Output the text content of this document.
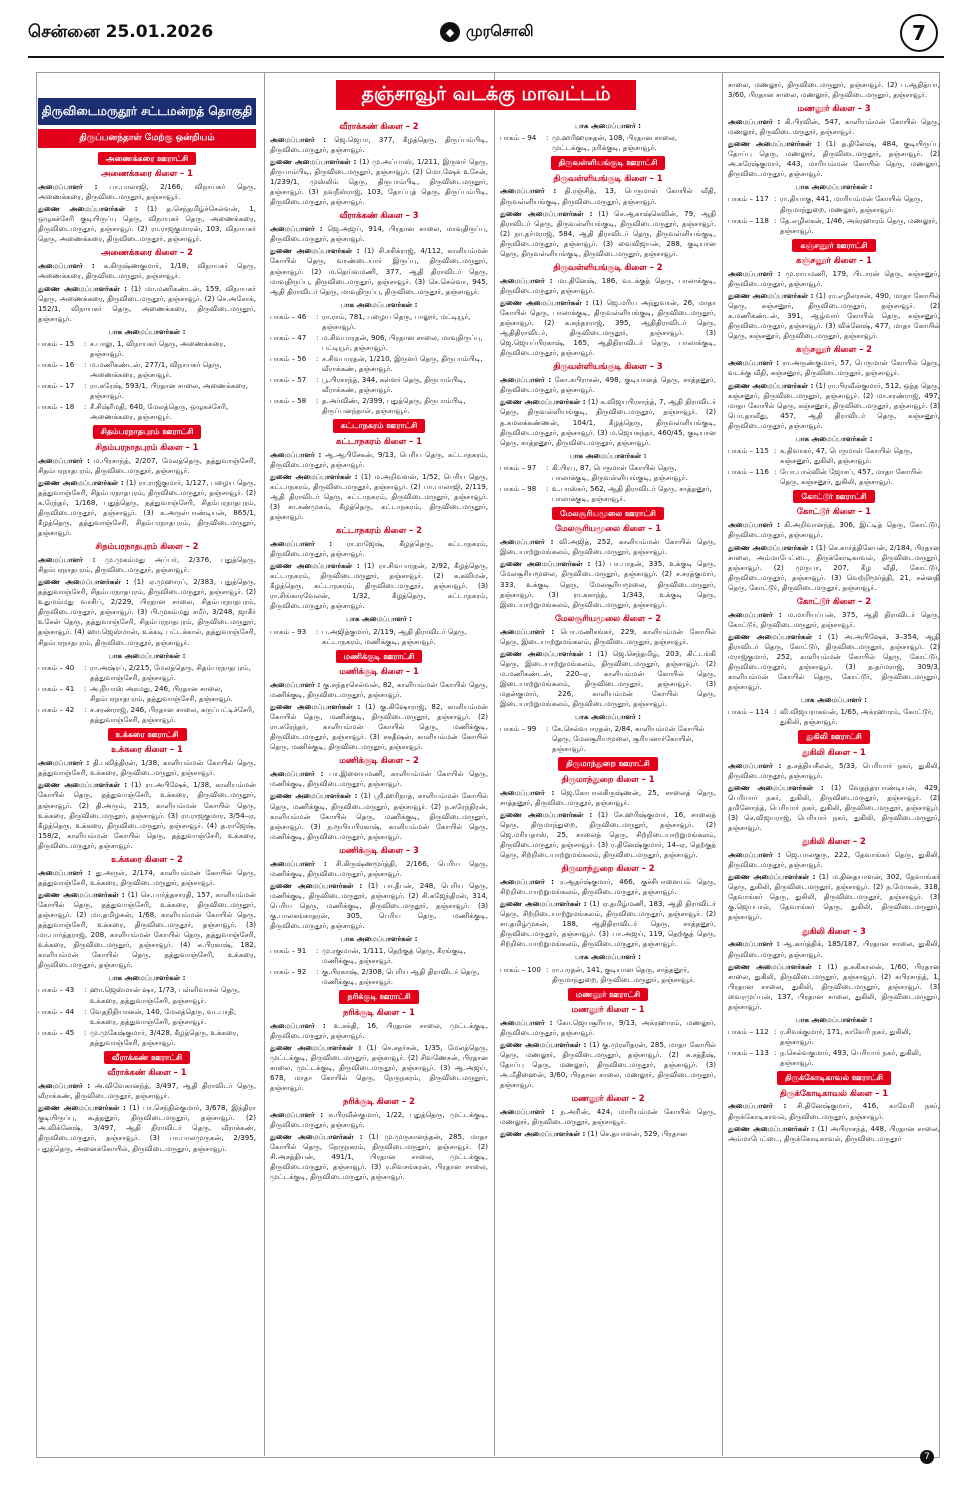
சென்னை 25.01.2026	◆ முரசொலி	7
தஞ்சாவூர் வடக்கு மாவட்டம்
திருவிடைமருதூர் சட்டமன்றத் தொகுதி
திருப்பனந்தாள் மேற்கு ஒன்றியம்
அணைக்கரை ஊராட்சி
அணைக்கரை கிளை – 1
அமைப்பாளர் : பா.பாலாஜி, 2/166, விநாயகர் தெரு, அணைக்கரை, திருவிடைமருதூர், தஞ்சாவூர்.
துணை அமைப்பாளர்கள் : (1) த.செந்தமிழ்ச்செல்வன், 1, ஒழுகச்சேரி குடியிருப்பு தெரு, விநாயகர் தெரு, அணைக்கரை, திருவிடைமருதூர், தஞ்சாவூர். (2) ரா.ராஜகுமாரன், 103, விநாயகர் தெரு, அணைக்கரை, திருவிடைமருதூர், தஞ்சாவூர்.
அணைக்கரை கிளை – 2
அமைப்பாளர் : க.கிருஷ்ணகுமார், 1/18, விநாயகர் தெரு, அணைக்கரை, திருவிடைமருதூர், தஞ்சாவூர்.
துணை அமைப்பாளர்கள் : (1) மா.மணிகண்டன், 159, விநாயகர் தெரு, அணைக்கரை, திருவிடைமருதூர், தஞ்சாவூர். (2) செ.அசோக், 152/1, விநாயகர் தெரு, அணைக்கரை, திருவிடைமருதூர், தஞ்சாவூர்.
பாக அமைப்பாளர்கள் :
பாகம் – 15	: ச.பாலு, 1, விநாயகர் தெரு, அணைக்கரை, தஞ்சாவூர்.
பாகம் – 16	: ம.மணிகண்டன், 277/1, விநாயகர் தெரு, அணைக்கரை, தஞ்சாவூர்.
பாகம் – 17	: ரா.சுரேஷ், 593/1, பிரதான சாலை, அணைக்கரை, தஞ்சாவூர்.
பாகம் – 18	: சீ.சிஷ்ரீமதி, 640, மேலத்தெரு, ஒழுகச்சேரி, அணைக்கரை, தஞ்சாவூர்.
சிதம்பரநாதபுரம் ஊராட்சி
சிதம்பரநாதபுரம் கிளை – 1
அமைப்பாளர் : ம.பிரசாந்த், 2/207, மேலத்தெரு, தத்துவாஞ்சேரி, சிதம்பரநாதபுரம், திருவிடைமருதூர், தஞ்சாவூர்.
துணை அமைப்பாளர்கள் : (1) ரா.ராஜ்குமார், 1/127, பழைய தெரு, தத்துவாஞ்சேரி, சிதம்பரநாதபுரம், திருவிடைமருதூர், தஞ்சாவூர். (2) க.ரேந்தர், 1/168, புதுத்தெரு, தத்துவாஞ்சேரி, சிதம்பரநாதபுரம், திருவிடைமருதூர், தஞ்சாவூர். (3) க.அருள்பாண்டியன், 865/1, கீழத்தெரு, தத்துவாஞ்சேரி, சிதம்பரநாதபுரம், திருவிடைமருதூர், தஞ்சாவூர்.
சிதம்பரநாதபுரம் கிளை – 2
அமைப்பாளர் : மு.முகம்மது அப்பர், 2/376, புதுத்தெரு, சிதம்பரநாதபுரம், திருவிடைமருதூர், தஞ்சாவூர்.
துணை அமைப்பாளர்கள் : (1) ஏ.முஹாரப், 2/383, புதுத்தெரு, தத்துவாஞ்சேரி, சிதம்பரநாதபுரம், திருவிடைமருதூர், தஞ்சாவூர். (2) உதுமம்மது வாசிப், 2/229, பிரதான சாலை, சிதம்பரநாதபுரம், திருவிடைமருதூர், தஞ்சாவூர். (3) பி.முகம்மது சமீர், 3/248, ஜாகீர் உசேன் தெரு, தத்துவாஞ்சேரி, சிதம்பரநாதபுரம், திருவிடைமருதூர், தஞ்சாவூர். (4) ஹா.ஜெஸ்மான், உக்கடி பட்டக்கால், தத்துவாஞ்சேரி, சிதம்பரநாதபுரம், திருவிடைமருதூர், தஞ்சாவூர்.
பாக அமைப்பாளர்கள் :
பாகம் – 40	: ரா.அஷ்ரப், 2/215, மேலத்தெரு, சிதம்பரநாதபுரம், தத்துவாஞ்சேரி, தஞ்சாவூர்.
பாகம் – 41	: அ.நியாஸ் அகமது, 246, பிரதான சாலை, சிதம்பரநாதபுரம், தத்துவாஞ்சேரி, தஞ்சாவூர்.
பாகம் – 42	: ச.சரண்ராஜ், 246, பிரதான சாலை, கருப்பட்டிச்சேரி, தத்துவாஞ்சேரி, தஞ்சாவூர்.
உக்கரை ஊராட்சி
உக்கரை கிளை – 1
அமைப்பாளர் : தி.பவித்திரன், 1/38, காளியம்மன் கோயில் தெரு, தத்துவாஞ்சேரி, உக்கரை, திருவிடைமருதூர், தஞ்சாவூர்.
துணை அமைப்பாளர்கள் : (1) ரா.அபிஷேக், 1/38, காளியம்மன் கோயில் தெரு, தத்துவாஞ்சேரி, உக்கரை, திருவிடைமருதூர், தஞ்சாவூர். (2) தி.அரும், 215, காளியம்மன் கோயில் தெரு, உக்கரை, திருவிடைமருதூர், தஞ்சாவூர். (3) ரா.ராஜகுமார, 3/54–ஏ, கீழத்தெரு, உக்கரை, திருவிடைமருதூர், தஞ்சாவூர். (4) த.ராஜேஷ், 158/2, காளியம்மன் கோயில் தெரு, தத்துவாஞ்சேரி, உக்கரை, திருவிடைமருதூர், தஞ்சாவூர்.
உக்கரை கிளை – 2
அமைப்பாளர் : து.அருள், 2/174, காளியம்மன் கோயில் தெரு, தத்துவாஞ்சேரி, உக்கரை, திருவிடைமருதூர், தஞ்சாவூர்.
துணை அமைப்பாளர்கள் : (1) செ.பார்த்தசாரதி, 157, காளியம்மன் கோயில் தெரு, தத்துவாஞ்சேரி, உக்கரை, திருவிடைமருதூர், தஞ்சாவூர். (2) மா.தமிழகன், 1/68, காளியம்மன் கோயில் தெரு, தத்துவாஞ்சேரி, உக்கரை, திருவிடைமருதூர், தஞ்சாவூர். (3) மா.பார்த்தராஜ், 208, காளியம்மன் கோயில் தெரு, தத்துவாஞ்சேரி, உக்கரை, திருவிடைமருதூர், தஞ்சாவூர். (4) சு.பிரகாஷ், 182, காளியம்மன் கோயில் தெரு, தத்துவாஞ்சேரி, உக்கரை, திருவிடைமருதூர், தஞ்சாவூர்.
பாக அமைப்பாளர்கள் :
பாகம் – 43	: ஹா.ஜெஸ்மான் ஷா, 1/73, பள்ளிவாசல் தெரு, உக்கரை, தத்துவாஞ்சேரி, தஞ்சாவூர்.
பாகம் – 44	: வேதநிதியானன், 140, மேலத்தெரு, வடபாதி, உக்கரை, தத்துவாஞ்சேரி, தஞ்சாவூர்.
பாகம் – 45	: மு.முகேஷ்குமார், 3/428, கீழத்தெரு, உக்கரை, தத்துவாஞ்சேரி, தஞ்சாவூர்.
வீராக்கண் ஊராட்சி
வீராக்கண் கிளை – 1
அமைப்பாளர் : அ.விவேகானந்த், 3/497, ஆதி திராவிடர் தெரு, வீராக்கண், திருவிடைமருதூர், தஞ்சாவூர்.
துணை அமைப்பாளர்கள் : (1) பா.செந்தில்குமார், 3/678, இந்திரா குடியிருப்பு, கூத்தனூர், திருவிடைமருதூர், தஞ்சாவூர். (2) அ.விக்னேஷ், 3/497, ஆதி திராவிடர் தெரு, வீராக்கண், திருவிடைமருதூர், தஞ்சாவூர். (3) பா.பாலமுருகன், 2/395, புதுத்தெரு, அனைக்கோயில், திருவிடைமருதூர், தஞ்சாவூர்.
வீராக்கண் கிளை – 2
அமைப்பாளர் : ஜெ.ஜெபா, 377, கீழத்தெரு, திருப்பம்பிடி, திருவிடைமருதூர், தஞ்சாவூர்.
துணை அமைப்பாளர்கள் : (1) மு.அப்பாஸ், 1/211, இருளர் தெரு, திருபாம்பிடி, திருவிடைமருதூர், தஞ்சாவூர். (2) மொ.ஷேக் உசேன், 1/239/1, முஸ்லிம் தெரு, திருபாம்பிடி, திருவிடைமருதூர், தஞ்சாவூர். (3) நவநீஸ்ராஜ், 103, தோப்புத் தெரு, திருப்பம்பிடி, திருவிடைமருதூர், தஞ்சாவூர்.
வீராக்கண் கிளை – 3
அமைப்பாளர் : ஜெ.அஜய், 914, பிரதான சாலை, மாவுதிருப்பு, திருவிடைமருதூர், தஞ்சாவூர்.
துணை அமைப்பாளர்கள் : (1) சி.சசிக்ராஜ், 4/112, காளியம்மன் கோயில் தெரு, வாண்டையார் இருப்பு, திருவிடைமருதூர், தஞ்சாவூர். (2) ம.தெய்வமணி, 377, ஆதி திராவிடர் தெரு, மாவுதிருப்பு, திருவிடைமருதூர், தஞ்சாவூர். (3) செ.செல்வா, 945, ஆதி திராவிடர் தெரு, மாவுதிருப்பு, திருவிடைமருதூர், தஞ்சாவூர்.
பாக அமைப்பாளர்கள் :
பாகம் – 46	: ரா.ராம், 781, பழைய தெரு, பாலூர், மட்டியூர், தஞ்சாவூர்.
பாகம் – 47	: ம.சிவபாரதன், 906, பிரதான சாலை, மாவுதிருப்பு, பட்டியூர், தஞ்சாவூர்.
பாகம் – 56	: ச.சிவபாரதன், 1/210, இருளர் தெரு, திருபாம்பிடி, வீராக்கண், தஞ்சாவூர்.
பாகம் – 57	: பூ.பிரசாந்த், 344, கள்ளர் தெரு, திருபாம்பிடி, வீராக்கண், தஞ்சாவூர்.
பாகம் – 58	: த.அர்விண், 2/399, புதுத்தெரு, திருபாம்பிடி, திருப்பனந்தாள், தஞ்சாவூர்.
கட்டாநகரம் ஊராட்சி
கட்டாநகரம் கிளை – 1
அமைப்பாளர் : ஆ.ஆபிசேகன், 9/13, பெரிய தெரு, கட்டாநகரம், திருவிடைமருதூர், தஞ்சாவூர்.
துணை அமைப்பாளர்கள் : (1) ம.அறிவளன், 1/52, பெரிய தெரு, கட்டாநகரம், திருவிடைமருதூர், தஞ்சாவூர். (2) பா.பாலாஜி, 2/119, ஆதி திராவிடர் தெரு, கட்டாநகரம், திருவிடைமருதூர், தஞ்சாவூர். (3) சா.சண்முகம், கீழத்தெரு, கட்டாநகரம், திருவிடைமருதூர், தஞ்சாவூர்.
கட்டாநகரம் கிளை – 2
அமைப்பாளர் : ரா.ராஜேஷ், கீழத்தெரு, கட்டாநகரம், திருவிடைமருதூர், தஞ்சாவூர்.
துணை அமைப்பாளர்கள் : (1) ரா.சிவபாரதன், 2/92, கீழத்தெரு, கட்டாநகரம், திருவிடைமருதூர், தஞ்சாவூர். (2) க.கவிமன், கீழத்தெரு, கட்டாநகரம், திருவிடைமருதூர், தஞ்சாவூர். (3) ரா.சிங்காரவேலன், 1/32, கீழத்தெரு, கட்டாநகரம், திருவிடைமருதூர், தஞ்சாவூர்.
பாக அமைப்பாளர் :
பாகம் – 93	: ப.அஜித்குமார், 2/119, ஆதி திராவிடர் தெரு, கட்டாநகரம், மணிக்குடி, தஞ்சாவூர்.
மணிக்குடி ஊராட்சி
மணிக்குடி கிளை – 1
அமைப்பாளர் : கு.சுந்தரசெல்வன், 82, காளியம்மன் கோயில் தெரு, மணிக்குடி, திருவிடைமருதூர், தஞ்சாவூர்.
துணை அமைப்பாளர்கள் : (1) கு.கிஷோராஜ், 82, காளியம்மன் கோயில் தெரு, மணிக்குடி, திருவிடைமருதூர், தஞ்சாவூர். (2) ரா.சுரேந்தர், காளியம்மன் கோயில் தெரு, மணிக்குடி, திருவிடைமருதூர், தஞ்சாவூர். (3) சகதீஷன், காளியம்மன் கோயில் தெரு, மணிக்குடி, திருவிடைமருதூர், தஞ்சாவூர்.
மணிக்குடி கிளை – 2
அமைப்பாளர் : பா.இளையமணி, காளியம்மன் கோயில் தெரு, மணிக்குடி, திருவிடைமருதூர், தஞ்சாவூர்.
துணை அமைப்பாளர்கள் : (1) ஸ்ரீ.ஹரிநாத், காளியம்மன் கோயில் தெரு, மணிக்குடி, திருவிடைமருதூர், தஞ்சாவூர். (2) ந.சுரேந்திரன், காளியம்மன் கோயில் தெரு, மணிக்குடி, திருவிடைமருதூர், தஞ்சாவூர். (3) ந.ரூபியபிரகாஷ், காளியம்மன் கோயில் தெரு, மணிக்குடி, திருவிடைமருதூர், தஞ்சாவூர்.
மணிக்குடி கிளை – 3
அமைப்பாளர் : சி.கிருஷ்ணமூர்த்தி, 2/166, பெரிய தெரு, மணிக்குடி, திருவிடைமருதூர், தஞ்சாவூர்.
துணை அமைப்பாளர்கள் : (1) பா.தீபன், 248, பெரிய தெரு, மணிக்குடி, திருவிடைமருதூர், தஞ்சாவூர். (2) சி.கஜேந்திரன், 314, பெரிய தெரு, மணிக்குடி, திருவிடைமருதூர், தஞ்சாவூர். (3) கு.பாலகங்காதரன், 305, பெரிய தெரு, மணிக்குடி, திருவிடைமருதூர், தஞ்சாவூர்.
பாக அமைப்பாளர்கள் :
பாகம் – 91	: மு.ரகுமான், 1/111, தெற்குத் தெரு, கீரங்குடி, மணிக்குடி, தஞ்சாவூர்.
பாகம் – 92	: கு.பிரகாஷ், 2/308, பெரிய ஆதி திராவிடர் தெரு, மணிக்குடி, தஞ்சாவூர்.
நரிக்குடி ஊராட்சி
நரிக்குடி கிளை – 1
அமைப்பாளர் : உ.சக்தி, 16, பிரதான சாலை, முட்டக்குடி, திருவிடைமருதூர், தஞ்சாவூர்.
துணை அமைப்பாளர்கள் : (1) செ.சதர்சன், 1/35, மேலத்தெரு, முட்டக்குடி, திருவிடைமருதூர், தஞ்சாவூர். (2) சிவணேசன், பிரதான சாலை, முட்டக்குடி, திருவிடைமருதூர், தஞ்சாவூர். (3) ஆ.அஜய், 678, மாதா கோயில் தெரு, நேருநகரம், திருவிடைமருதூர், தஞ்சாவூர்.
நரிக்குடி கிளை – 2
அமைப்பாளர் : சு.பிரவீன்குமார், 1/22, புதுத்தெரு, முட்டக்குடி, திருவிடைமருதூர், தஞ்சாவூர்.
துணை அமைப்பாளர்கள் : (1) மு.முருகானந்தன், 285, மாதா கோயில் தெரு, நேருநகரம், திருவிடைமருதூர், தஞ்சாவூர். (2) சி.அசத்தியன், 491/1, பிரதான சாலை, முட்டக்குடி, திருவிடைமருதூர், தஞ்சாவூர். (3) ர.சிவசங்கரன், பிரதான சாலை, முட்டக்குடி, திருவிடைமருதூர், தஞ்சாவூர்.
பாக அமைப்பாளர் :
பாகம் – 94	: மு.ஹரிஹரசுதன், 108, பிரதான சாலை, முட்டக்குடி, நரிக்குடி, தஞ்சாவூர்.
திருவள்ளியங்குடி ஊராட்சி
திருவள்ளியங்குடி கிளை – 1
அமைப்பாளர் : தி.ரஞ்சித், 13, பெருமாள் கோயில் வீதி, திருவள்ளியங்குடி, திருவிடைமருதூர், தஞ்சாவூர்.
துணை அமைப்பாளர்கள் : (1) செ.ஆகாஷ்கெவின், 79, ஆதி திராவிடர் தெரு, திருவள்ளியங்குடி, திருவிடைமருதூர், தஞ்சாவூர். (2) நா.தர்மராஜ், 584, ஆதி திராவிடர் தெரு, திருவள்ளியங்குடி, திருவிடைமருதூர், தஞ்சாவூர். (3) வைவிஜயன், 288, குடியான தெரு, திருவள்ளியங்குடி, திருவிடைமருதூர், தஞ்சாவூர்.
திருவள்ளியங்குடி கிளை – 2
அமைப்பாளர் : மா.தினேஷ், 186, வடக்குத் தெரு, பாலாக்குடி, திருவிடைமருதூர், தஞ்சாவூர்.
துணை அமைப்பாளர்கள் : (1) ஜெ.மரிய அந்துவான், 26, மாதா கோயில் தெரு, பாலாக்குடி, திருவள்ளியங்குடி, திருவிடைமருதூர், தஞ்சாவூர். (2) க.சுந்தரராஜ், 395, ஆதிதிராவிடர் தெரு, ஆதிதிராவிடர், திருவிடைமருதூர், தஞ்சாவூர். (3) ஜெ.ஜெயப்பிரகாஷ், 165, ஆதிதிராவிடர் தெரு, பாலாக்குடி, திருவிடைமருதூர், தஞ்சாவூர்.
திருவள்ளியங்குடி கிளை – 3
அமைப்பாளர் : கோ.சுபிராசன், 498, குடியானத் தெரு, சாத்தனூர், திருவிடைமருதூர், தஞ்சாவூர்.
துணை அமைப்பாளர்கள் : (1) க.விஜயபிரசாந்த், 7, ஆதி திராவிடர் தெரு, திருவள்ளியங்குடி, திருவிடைமருதூர், தஞ்சாவூர். (2) த.கமலக்கண்ணன், 104/1, கீழத்தெரு, திருவள்ளியங்குடி, திருவிடைமருதூர், தஞ்சாவூர். (3) ம.ஜெயசுந்தர், 460/45, குடியான தெரு, சாத்தனூர், திருவிடைமருதூர், தஞ்சாவூர்.
பாக அமைப்பாளர்கள் :
பாகம் – 97	: கி.பிரபு, 87, பெருமாள் கோயில் தெரு, பாலாக்குடி, திருவள்ளியங்குடி, தஞ்சாவூர்.
பாகம் – 98	: உ.பாஸ்கர், 562, ஆதி திராவிடர் தெரு, சாத்தனூர், பாலாக்குடி, தஞ்சாவூர்.
மேலசூரியமூலை ஊராட்சி
மேலசூரியமூலை கிளை – 1
அமைப்பாளர் : வி.அஜித், 252, காளியம்மன் கோயில் தெரு, இடையாற்றுமங்கலம், திருவிடைமருதூர், தஞ்சாவூர்.
துணை அமைப்பாளர்கள் : (1) பா.பாதன், 335, உக்குடி தெரு, மேலசூரியமூலை, திருவிடைமருதூர், தஞ்சாவூர். (2) ச.சரத்குமார், 333, உக்குடி தெரு, மேலசூரியமூலை, திருவிடைமருதூர், தஞ்சாவூர். (3) ரா.சுகாந்த், 1/343, உக்குடி தெரு, இடையாற்றுமங்கலம், திருவிடைமருதூர், தஞ்சாவூர்.
மேலசூரியமூலை கிளை – 2
அமைப்பாளர் : பொ.மணிசங்கர், 229, காளியம்மன் கோயில் தெரு, இடையாற்றுமங்கலம், திருவிடைமருதூர், தஞ்சாவூர்.
துணை அமைப்பாளர்கள் : (1) ஜெ.செந்தமிழ், 203, கிட்டங்கி தெரு, இடையாற்றுமங்கலம், திருவிடைமருதூர், தஞ்சாவூர். (2) ம.மணிகண்டன், 220–ஏ, காளியம்மன் கோயில் தெரு, இடையாற்றுமங்கலம், திருவிடைமருதூர், தஞ்சாவூர். (3) மதன்குமார், 226, காளியம்மன் கோயில் தெரு, இடையாற்றுமங்கலம், திருவிடைமருதூர், தஞ்சாவூர்.
பாக அமைப்பாளர் :
பாகம் – 99	: கே.செல்வபாரதன், 2/84, காளியம்மன் கோயில் தெரு, மேலசூரியமூலை, சூரியனார்கோயில், தஞ்சாவூர்.
திருமாந்துறை ஊராட்சி
திருமாந்துறை கிளை – 1
அமைப்பாளர் : ஜெ.கோபாலகிருஷ்ணன், 25, சாலைத் தெரு, சாத்தனூர், திருவிடைமருதூர், தஞ்சாவூர்.
துணை அமைப்பாளர்கள் : (1) சே.ஹரிஷ்குமார், 16, சாலைத் தெரு, திருமாந்துறை, திருவிடைமருதூர், தஞ்சாவூர். (2) ஜெ.மரியதாஸ், 25, சாலைத் தெரு, சிற்றிடையாற்றுமங்கலம், திருவிடைமருதூர், தஞ்சாவூர். (3) ர.தினேஷ்குமார், 14–ஏ, தெற்குத் தெரு, சிற்றிடையாற்றுமங்கலம், திருவிடைமருதூர், தஞ்சாவூர்.
திருமாந்துறை கிளை – 2
அமைப்பாளர் : ர.ஆதர்ஷ்குமார், 466, குச்சிபாளையம் தெரு, சிற்றிடையாற்றுமங்கலம், திருவிடைமருதூர், தஞ்சாவூர்.
துணை அமைப்பாளர்கள் : (1) ஏ.தமிழ்மணி, 183, ஆதி திராவிடர் தெரு, சிற்றிடையாற்றுமங்கலம், திருவிடைமருதூர், தஞ்சாவூர். (2) சா.தமிழ்முகன், 188, ஆதிதிராவிடர் தெரு, சாத்தனூர், திருவிடைமருதூர், தஞ்சாவூர். (3) பா.அஜய், 119, தெற்குத் தெரு, சிற்றிடையாற்றுமங்கலம், திருவிடைமருதூர், தஞ்சாவூர்.
பாக அமைப்பாளர் :
பாகம் – 100 : ரா.பரதன், 141, குடியான தெரு, சாத்தனூர், திருமாந்துறை, திருவிடைமருதூர், தஞ்சாவூர்.
மணலூர் ஊராட்சி
மணலூர் கிளை – 1
அமைப்பாளர் : கோ.ஜெயசூரியா, 9/13, அக்ரஹாரம், மணலூர், திருவிடைமருதூர், தஞ்சாவூர்.
துணை அமைப்பாளர்கள் : (1) கு.முரளிதரன், 285, மாதா கோயில் தெரு, மணலூர், திருவிடைமருதூர், தஞ்சாவூர். (2) சு.சத்தீஷ், தோப்பு தெரு, மணலூர், திருவிடைமருதூர், தஞ்சாவூர். (3) அ.மீதிஹைன், 3/60, பிரதான சாலை, மணலூர், திருவிடைமருதூர், தஞ்சாவூர்.
மணலூர் கிளை – 2
அமைப்பாளர் : ந.அரி்ன், 424, மாரியம்மன் கோயில் தெரு, மணலூர், திருவிடைமருதூர், தஞ்சாவூர்.
துணை அமைப்பாளர்கள் : (1) செ.தயாளன், 529, பிரதான
சாலை, மணலூர், திருவிடைமருதூர், தஞ்சாவூர். (2) ப.ஆதித்யா, 3/60, பிரதான சாலை, மணலூர், திருவிடைமருதூர், தஞ்சாவூர்.
மணலூர் கிளை – 3
அமைப்பாளர் : கி.பிரவின், 547, காளியம்மன் கோயில் தெரு, மணலூர், திருவிடைமருதூர், தஞ்சாவூர்.
துணை அமைப்பாளர்கள் : (1) த.தினேஷ், 484, குடியிருப்பு தோப்பு தெரு, மணலூர், திருவிடைமருதூர், தஞ்சாவூர். (2) அ.சுரேஷ்குமார், 443, மாரியம்மன் கோயில் தெரு, மணலூர், திருவிடைமருதூர், தஞ்சாவூர்.
பாக அமைப்பாளர்கள் :
பாகம் – 117 : ரா.தியாகு, 441, மாரியம்மன் கோயில் தெரு, திருமாந்துறை, மணலூர், தஞ்சாவூர்.
பாகம் – 118 : தே.எழிலகன், 1/46, அக்ரஹாரம் தெரு, மணலூர், தஞ்சாவூர்.
கஞ்சனூர் ஊராட்சி
கஞ்சனூர் கிளை – 1
அமைப்பாளர் : மு.ராயமணி, 179, பிடாரன் தெரு, கஞ்சனூர், திருவிடைமருதூர், தஞ்சாவூர்.
துணை அமைப்பாளர்கள் : (1) ரா.எழிலரசன், 490, மாதா கோயில் தெரு, கஞ்சனூர், திருவிடைமருதூர், தஞ்சாவூர். (2) க.மணிகண்டன், 391, ஆழ்வார் கோயில் தெரு, கஞ்சனூர், திருவிடைமருதூர், தஞ்சாவூர். (3) விக்னேஷ், 477, மாதா கோயில் தெரு, கஞ்சனூர், திருவிடைமருதூர், தஞ்சாவூர்.
கஞ்சனூர் கிளை – 2
அமைப்பாளர் : ரா.அருண்குமார், 57, பெருமாள் கோயில் தெரு, வடக்கு வீதி, கஞ்சனூர், திருவிடைமருதூர், தஞ்சாவூர்.
துணை அமைப்பாளர்கள் : (1) ரா.பிரவீன்குமார், 512, ஒத்த தெரு, கஞ்சனூர், திருவிடைமருதூர், தஞ்சாவூர். (2) மா.சரண்ராஜ், 497, மாதா கோயில் தெரு, கஞ்சனூர், திருவிடைமருதூர், தஞ்சாவூர். (3) பொ.தாவீது, 457, ஆதி திராவிடர் தெரு, கஞ்சனூர், திருவிடைமருதூர், தஞ்சாவூர்.
பாக அமைப்பாளர்கள் :
பாகம் – 115 : க.திவாகர், 47, பெருமாள் கோயில் தெரு, கஞ்சனூர், துகிலி, தஞ்சாவூர்.
பாகம் – 116 : யோ.பால்வின் ஜோசப், 457, மாதா கோயில் தெரு, கஞ்சனூர், துகிலி, தஞ்சாவூர்.
கோட்டூர் ஊராட்சி
கோட்டூர் கிளை – 1
அமைப்பாளர் : கி.அறிவானந்த், 306, இட்டித் தெரு, கோட்டூர், திருவிடைமருதூர், தஞ்சாவூர்.
துணை அமைப்பாளர்கள் : (1) செ.கார்த்திகேயன், 2/184, பிரதான சாலை, அம்மாபேட்டை, திருக்கோடிகாவல், திருவிடைமருதூர், தஞ்சாவூர். (2) முருபா, 207, கீழ வீதி, கோட்டூர், திருவிடைமருதூர், தஞ்சாவூர். (3) வெற்றிமூர்த்தி, 21, சன்னதி தெரு, கோட்டூர், திருவிடைமருதூர், தஞ்சாவூர்.
கோட்டூர் கிளை – 2
அமைப்பாளர் : ம.மாரியப்பன், 375, ஆதி திராவிடர் தெரு, கோட்டூர், திருவிடைமருதூர், தஞ்சாவூர்.
துணை அமைப்பாளர்கள் : (1) அ.அபிஷேக், 3–354, ஆதி திராவிடர் தெரு, கோட்டூர், திருவிடைமருதூர், தஞ்சாவூர். (2) மராஜ்குமார், 252, காளியம்மன் கோயில் தெரு, கோட்டூர், திருவிடைமருதூர், தஞ்சாவூர். (3) த.தர்மராஜ், 309/3, காளியம்மன் கோயில் தெரு, கோட்டூர், திருவிடைமருதூர், தஞ்சாவூர்.
பாக அமைப்பாளர் :
பாகம் – 114 : வி.விஜயராகவன், 1/65, அக்ரஹாரம், கோட்டூர், துகிலி, தஞ்சாவூர்.
துகிலி ஊராட்சி
துகிலி கிளை – 1
அமைப்பாளர் : த.சத்தியசீலன், 5/33, பெரியார் நகர், துகிலி, திருவிடைமருதூர், தஞ்சாவூர்.
துணை அமைப்பாளர்கள் : (1) வேதந்தரபாண்டியன், 429, பெரியார் நகர், துகிலி, திருவிடைமருதூர், தஞ்சாவூர். (2) தமினோந்த், பெரியார் நகர், துகிலி, திருவிடைமருதூர், தஞ்சாவூர். (3) செ.விஜயராஜ், பெரியார் நகர், துகிலி, திருவிடைமருதூர், தஞ்சாவூர்.
துகிலி கிளை – 2
அமைப்பாளர் : ஜெ.பாலகுரு, 222, தேவாங்கர் தெரு, துகிலி, திருவிடைமருதூர், தஞ்சாவூர்.
துணை அமைப்பாளர்கள் : (1) ம.தினதயாளன், 302, தேவாங்கர் தெரு, துகிலி, திருவிடைமருதூர், தஞ்சாவூர். (2) ந.மோகன், 318, தேவாங்கர் தெரு, துகிலி, திருவிடைமருதூர், தஞ்சாவூர். (3) கு.ஜெயபால், தேவாங்கர் தெரு, துகிலி, திருவிடைமருதூர், தஞ்சாவூர்.
துகிலி கிளை – 3
அமைப்பாளர் : ஆ.கார்த்திக், 185/187, பிரதான சாலை, துகிலி, திருவிடைமருதூர், தஞ்சாவூர்.
துணை அமைப்பாளர்கள் : (1) த.சுகிகாலன், 1/60, பிரதான சாலை, துகிலி, திருவிடைமருதூர், தஞ்சாவூர். (2) கபிரசாந்த், 1, பிரதான சாலை, துகிலி, திருவிடைமருதூர், தஞ்சாவூர். (3) வைரமுப்பன், 137, பிரதான சாலை, துகிலி, திருவிடைமருதூர், தஞ்சாவூர்.
பாக அமைப்பாளர்கள் :
பாகம் – 112 : ர.சிவக்குமார், 171, காவேரி நகர், துகிலி, தஞ்சாவூர்.
பாகம் – 113 : ந.செல்வகுமார், 493, பெரியார் நகர், துகிலி, தஞ்சாவூர்.
திருக்கோடிகாவல் ஊராட்சி
திருக்கோடிகாவல் கிளை – 1
அமைப்பாளர் : சி.தினேஷ்குமார், 416, காவேரி நகர், திருக்கோடிகாவல், திருவிடைமருதூர், தஞ்சாவூர்.
துணை அமைப்பாளர்கள் : (1) அபிராசந்த், 448, பிரதான சாலை, அம்மாபேட்டை, திருக்கோடிகாவல், திருவிடைமருதூர்
7
